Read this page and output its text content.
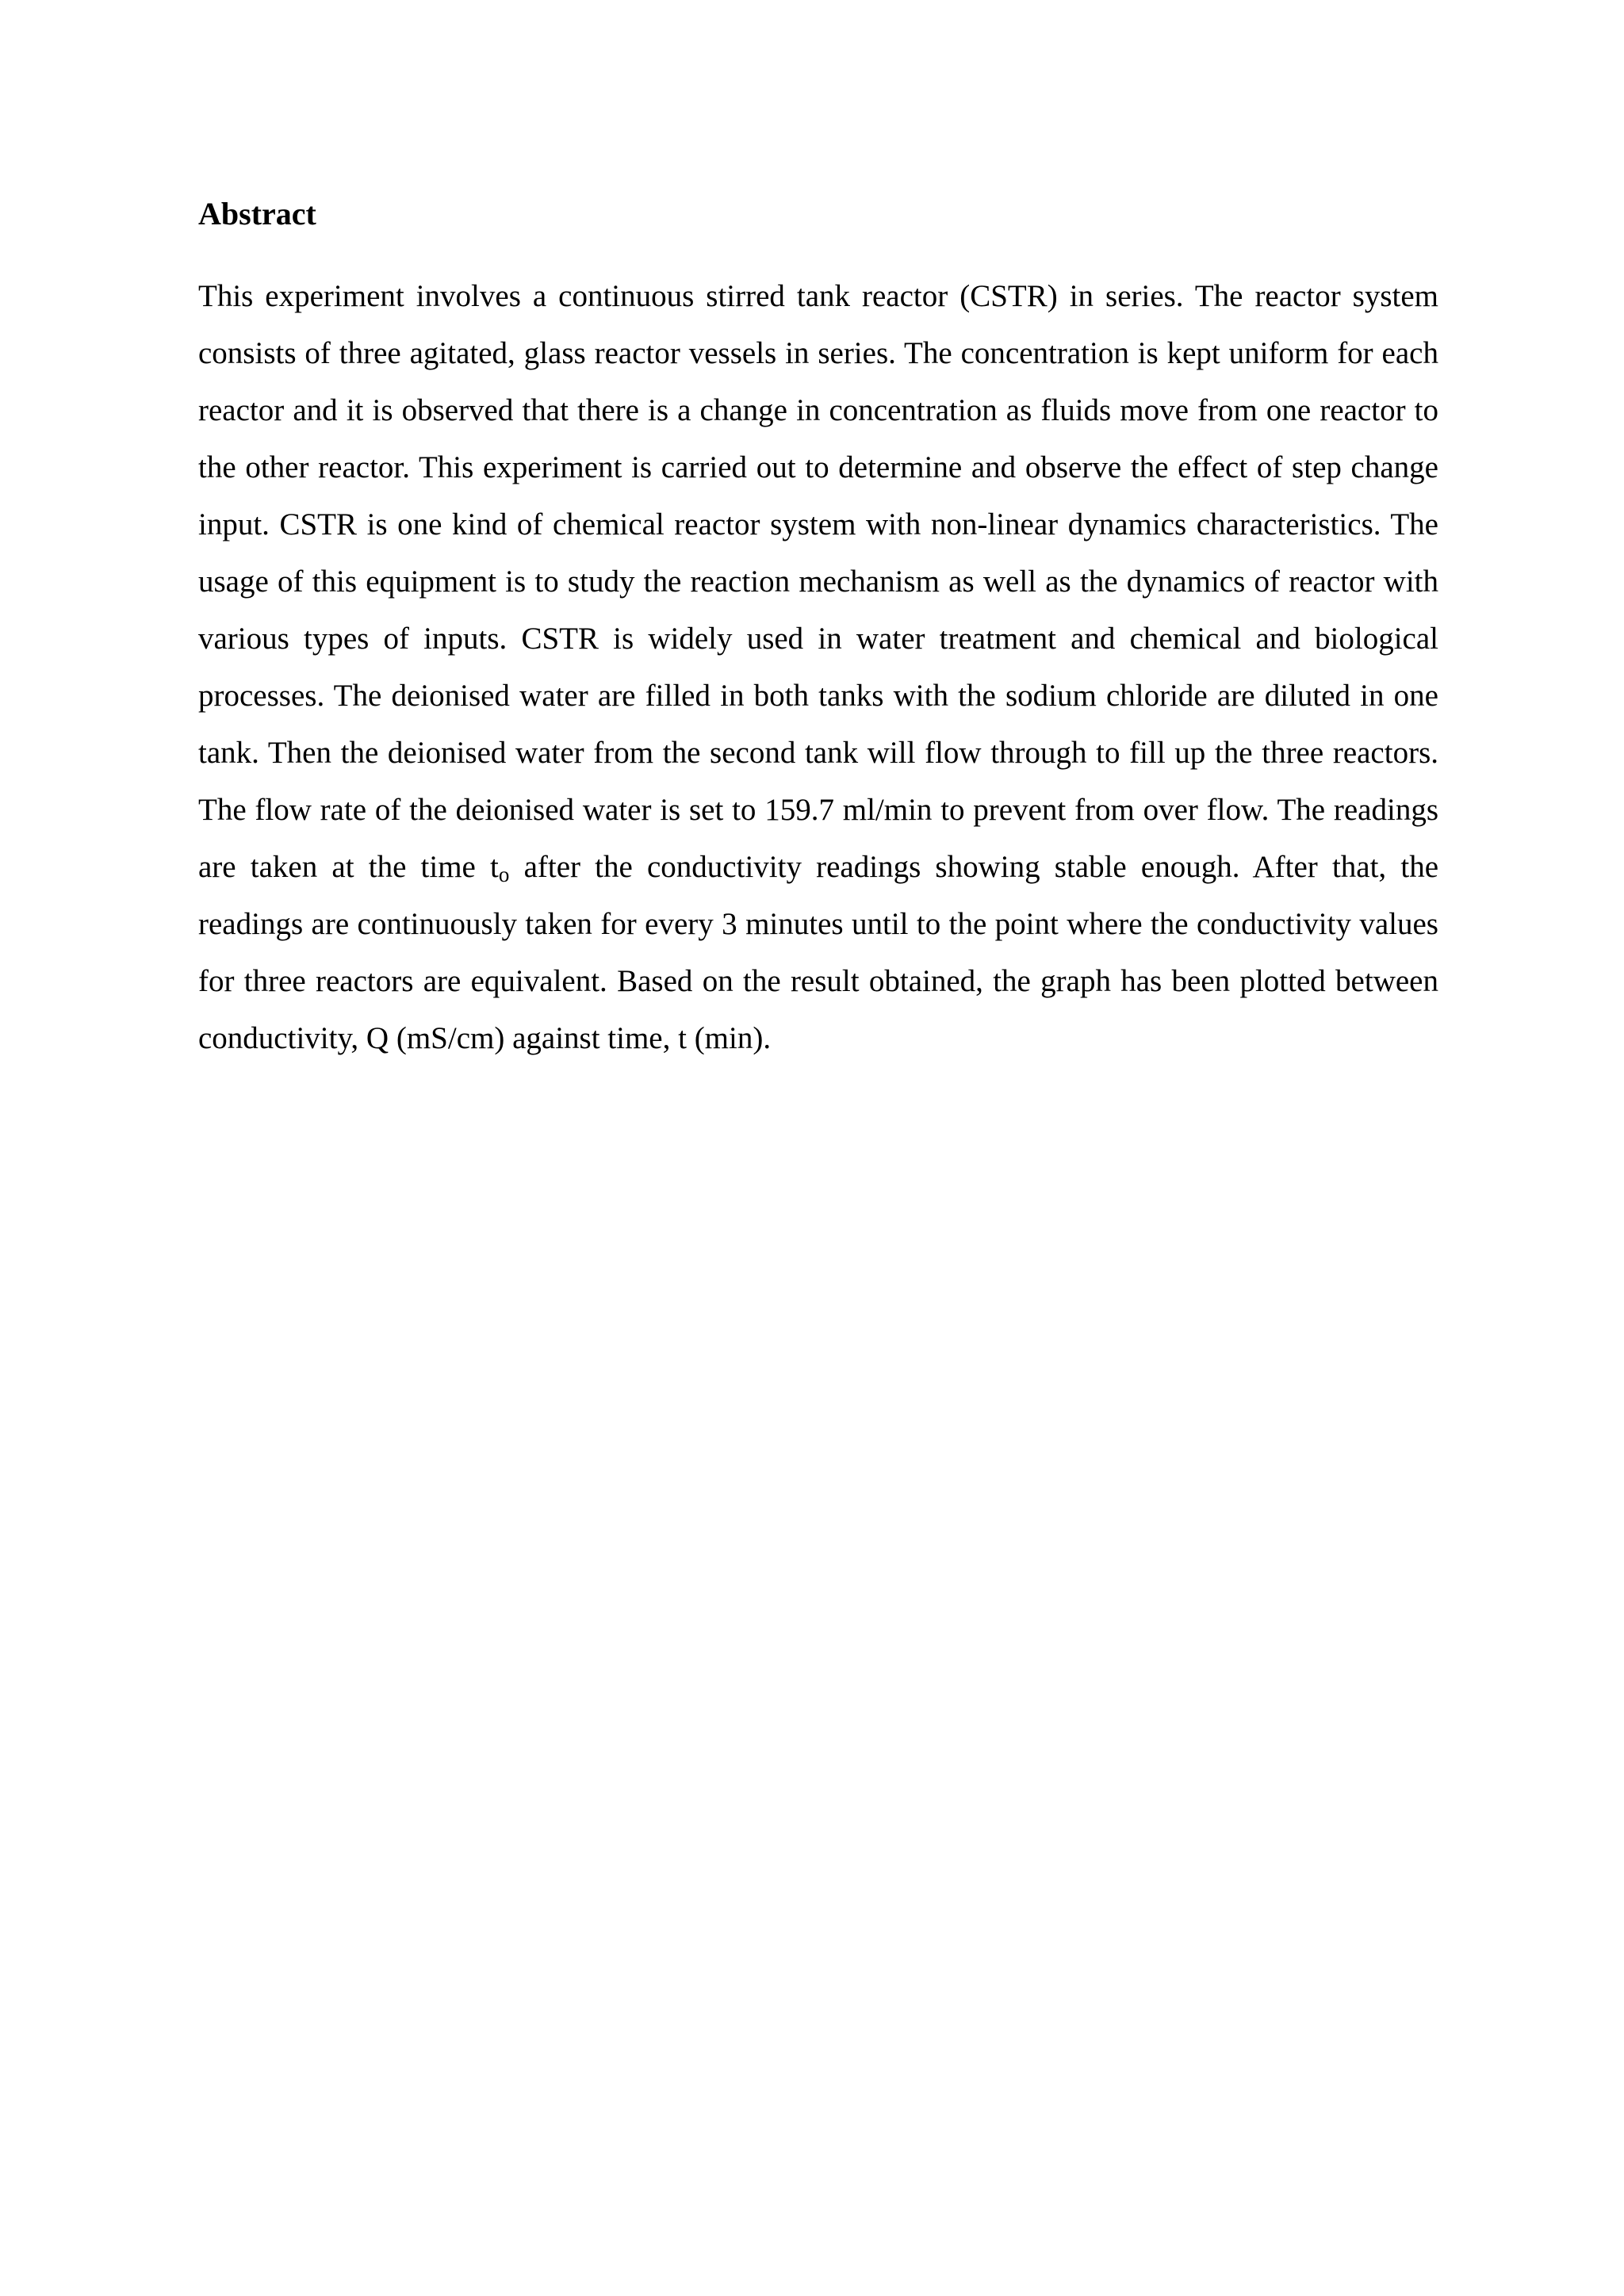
Abstract

This experiment involves a continuous stirred tank reactor (CSTR) in series. The reactor system consists of three agitated, glass reactor vessels in series. The concentration is kept uniform for each reactor and it is observed that there is a change in concentration as fluids move from one reactor to the other reactor. This experiment is carried out to determine and observe the effect of step change input. CSTR is one kind of chemical reactor system with non-linear dynamics characteristics. The usage of this equipment is to study the reaction mechanism as well as the dynamics of reactor with various types of inputs. CSTR is widely used in water treatment and chemical and biological processes. The deionised water are filled in both tanks with the sodium chloride are diluted in one tank. Then the deionised water from the second tank will flow through to fill up the three reactors. The flow rate of the deionised water is set to 159.7 ml/min to prevent from over flow. The readings are taken at the time $t_o$ after the conductivity readings showing stable enough. After that, the readings are continuously taken for every 3 minutes until to the point where the conductivity values for three reactors are equivalent. Based on the result obtained, the graph has been plotted between conductivity, Q (mS/cm) against time, t (min).
